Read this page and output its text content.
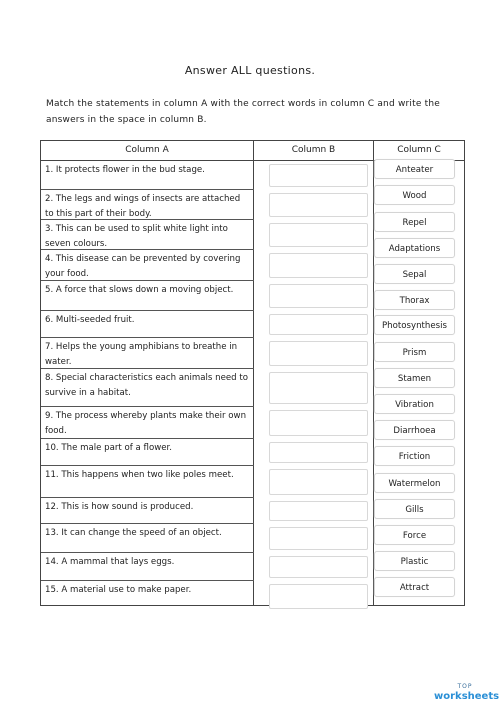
Answer ALL questions.
Match the statements in column A with the correct words in column C and write the answers in the space in column B.
Column A	Column B	Column C
1. It protects flower in the bud stage.
2. The legs and wings of insects are attached to this part of their body.
3. This can be used to split white light into seven colours.
4. This disease can be prevented by covering your food.
5. A force that slows down a moving object.
6. Multi-seeded fruit.
7. Helps the young amphibians to breathe in water.
8. Special characteristics each animals need to survive in a habitat.
9. The process whereby plants make their own food.
10. The male part of a flower.
11. This happens when two like poles meet.
12. This is how sound is produced.
13. It can change the speed of an object.
14. A mammal that lays eggs.
15. A material use to make paper.
Anteater
Wood
Repel
Adaptations
Sepal
Thorax
Photosynthesis
Prism
Stamen
Vibration
Diarrhoea
Friction
Watermelon
Gills
Force
Plastic
Attract
TOP
worksheets
